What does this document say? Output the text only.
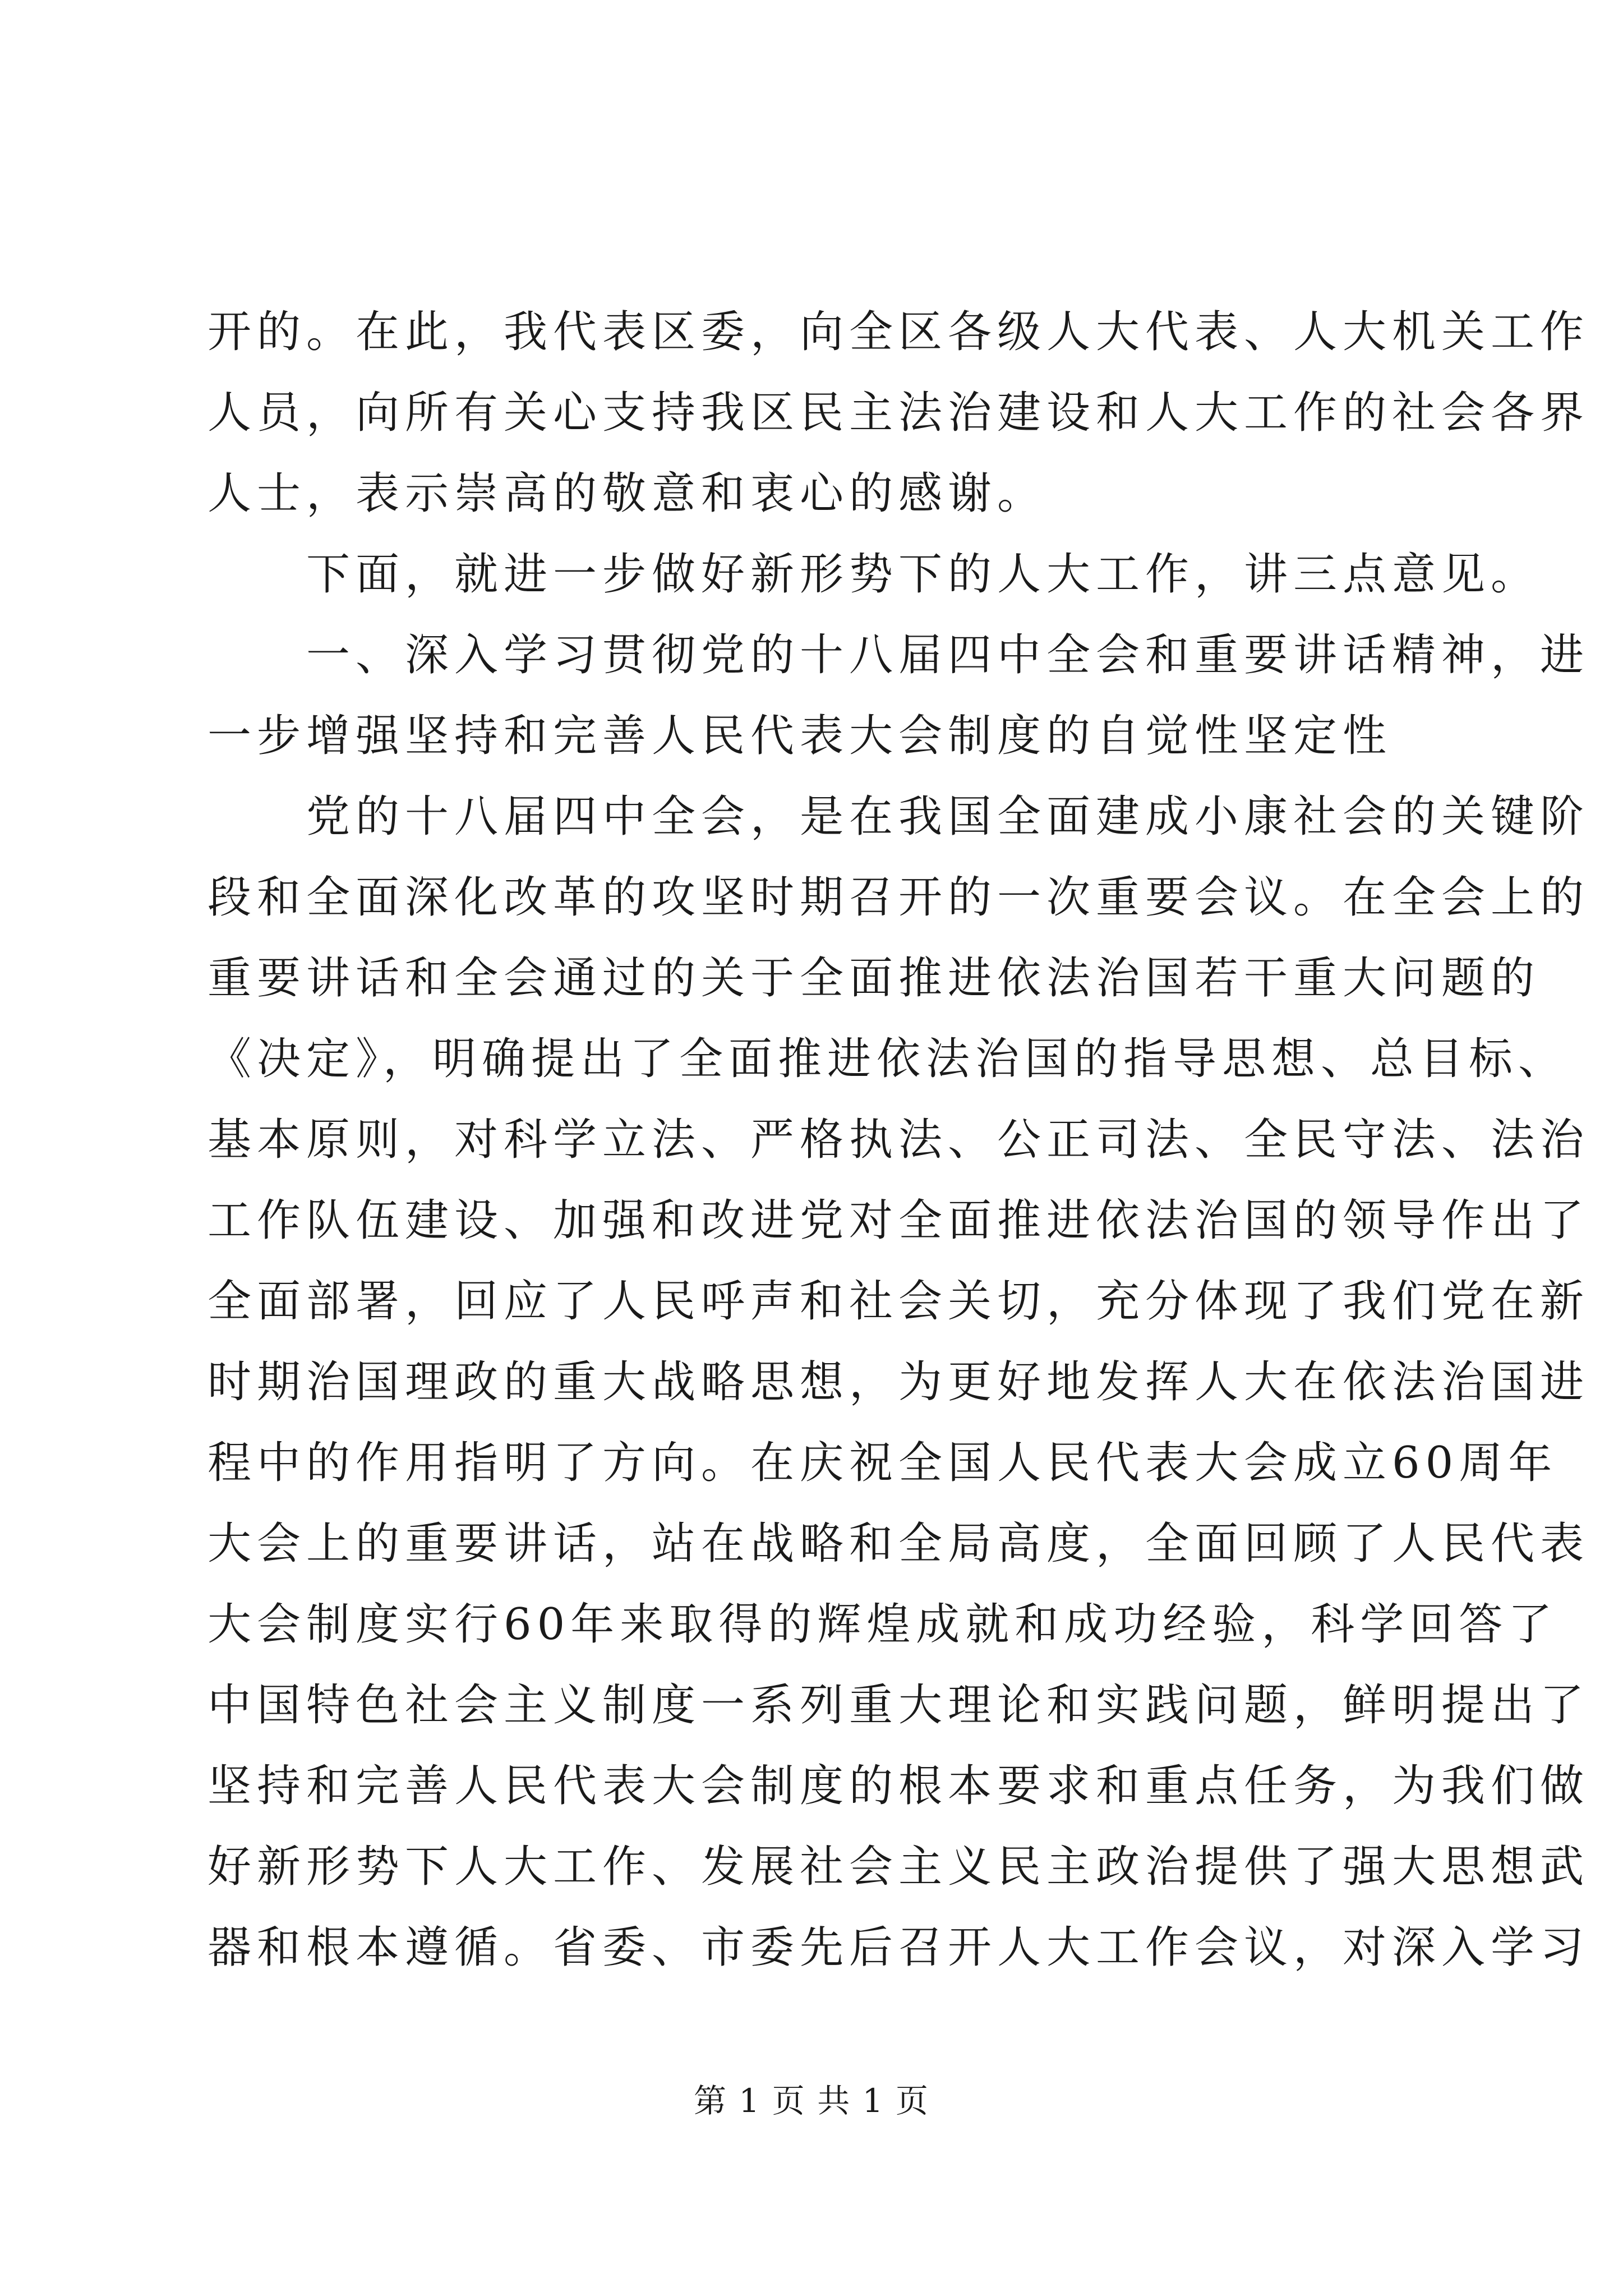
开的。在此，我代表区委，向全区各级人大代表、人大机关工作
人员，向所有关心支持我区民主法治建设和人大工作的社会各界
人士，表示崇高的敬意和衷心的感谢。
　　下面，就进一步做好新形势下的人大工作，讲三点意见。
　　一、深入学习贯彻党的十八届四中全会和重要讲话精神，进
一步增强坚持和完善人民代表大会制度的自觉性坚定性
　　党的十八届四中全会，是在我国全面建成小康社会的关键阶
段和全面深化改革的攻坚时期召开的一次重要会议。在全会上的
重要讲话和全会通过的关于全面推进依法治国若干重大问题的
《决定》，明确提出了全面推进依法治国的指导思想、总目标、
基本原则，对科学立法、严格执法、公正司法、全民守法、法治
工作队伍建设、加强和改进党对全面推进依法治国的领导作出了
全面部署，回应了人民呼声和社会关切，充分体现了我们党在新
时期治国理政的重大战略思想，为更好地发挥人大在依法治国进
程中的作用指明了方向。在庆祝全国人民代表大会成立60周年
大会上的重要讲话，站在战略和全局高度，全面回顾了人民代表
大会制度实行60年来取得的辉煌成就和成功经验，科学回答了
中国特色社会主义制度一系列重大理论和实践问题，鲜明提出了
坚持和完善人民代表大会制度的根本要求和重点任务，为我们做
好新形势下人大工作、发展社会主义民主政治提供了强大思想武
器和根本遵循。省委、市委先后召开人大工作会议，对深入学习
第 1 页 共 1 页
